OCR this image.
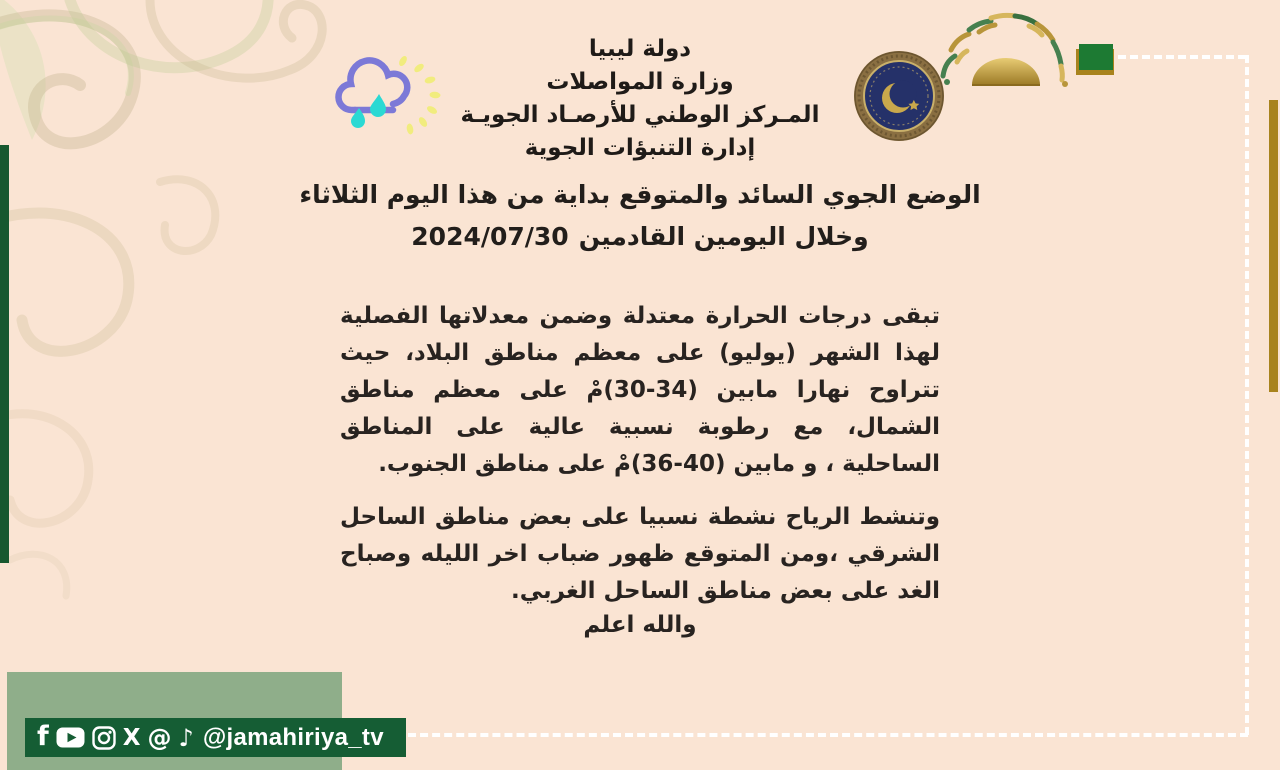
دولة ليبيا
وزارة المواصلات
المـركز الوطني للأرصـاد الجويـة
إدارة التنبؤات الجوية
الوضع الجوي السائد والمتوقع بداية من هذا اليوم الثلاثاء
2024/07/30 وخلال اليومين القادمين

تبقى درجات الحرارة معتدلة وضمن معدلاتها الفصلية لهذا الشهر (يوليو) على معظم مناطق البلاد، حيث تتراوح نهارا مابين (34-30)مْ على معظم مناطق الشمال، مع رطوبة نسبية عالية على المناطق الساحلية ، و مابين (40-36)مْ على مناطق الجنوب.

وتنشط الرياح نشطة نسبيا على بعض مناطق الساحل الشرقي ،ومن المتوقع ظهور ضباب اخر الليله وصباح الغد على بعض مناطق الساحل الغربي.

والله اعلم
f	X @ ♪ @jamahiriya_tv
